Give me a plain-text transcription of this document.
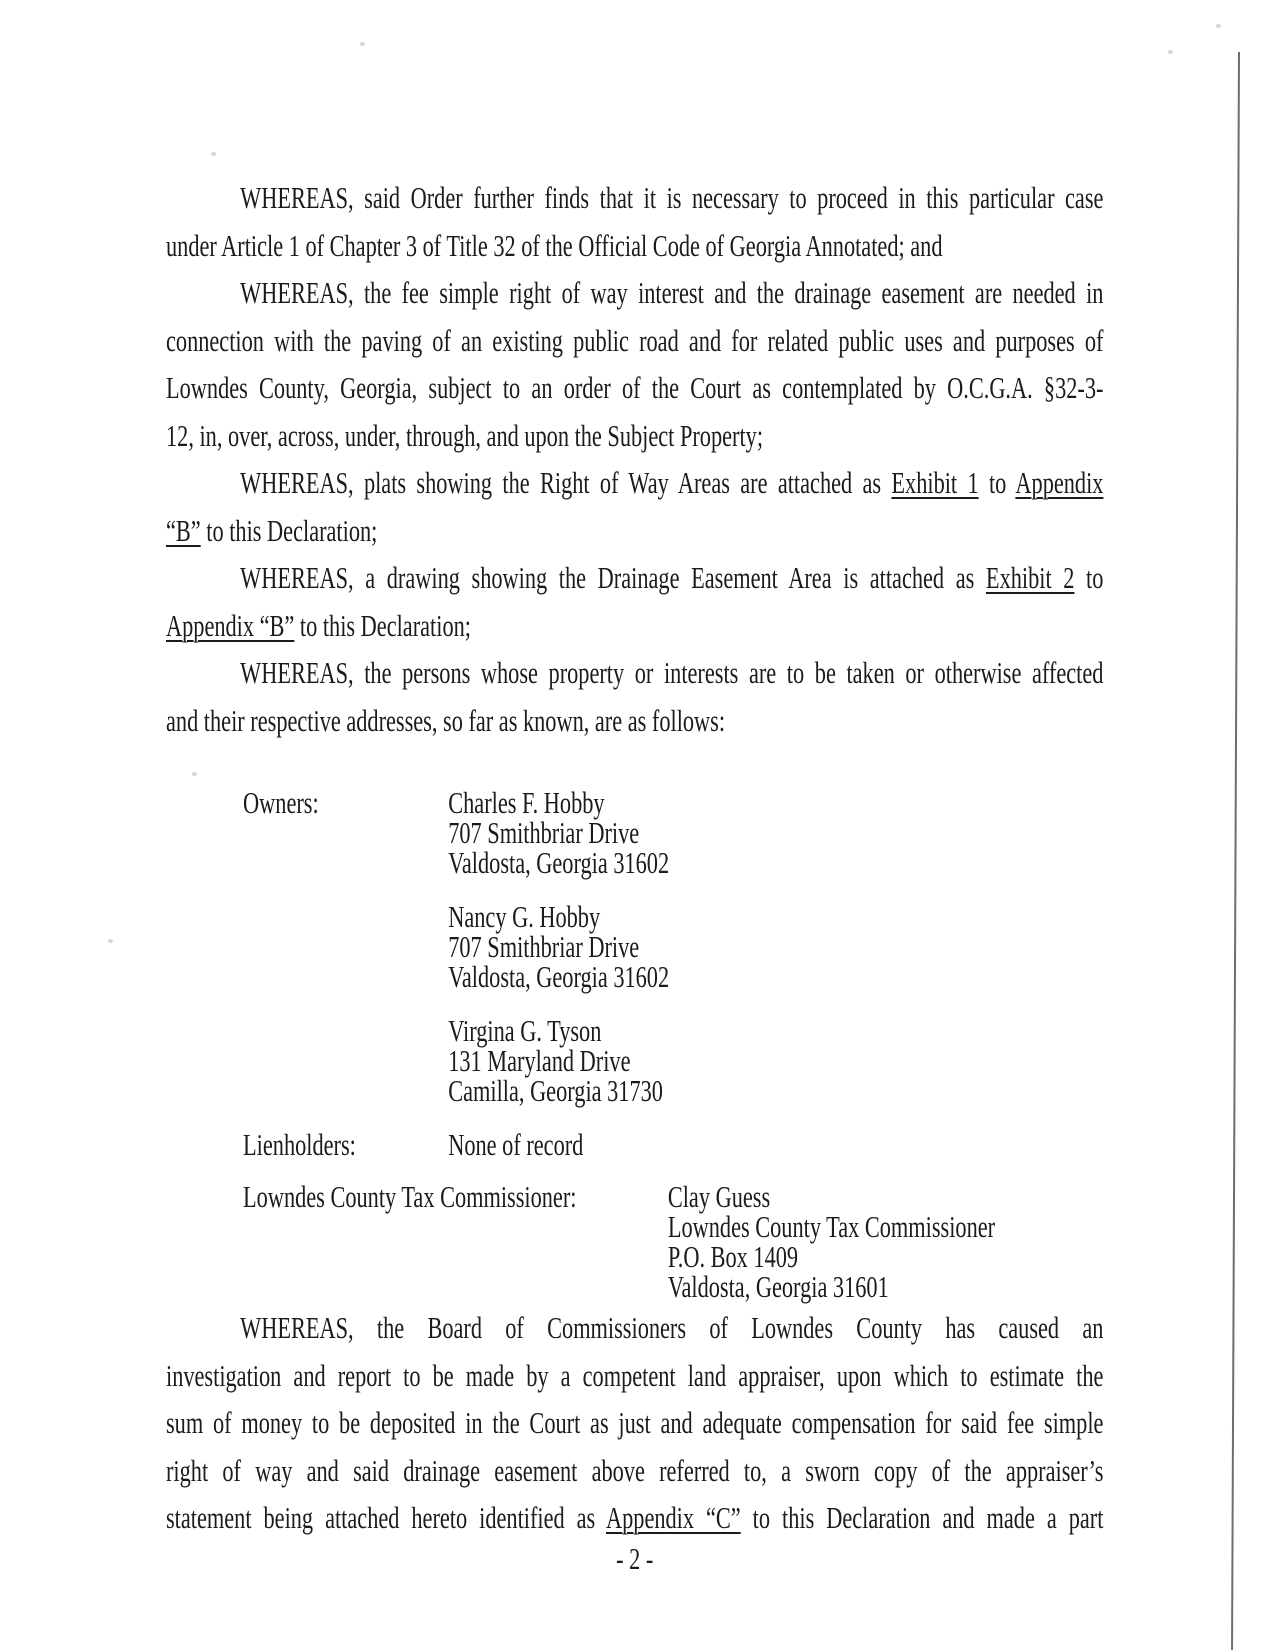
WHEREAS, said Order further finds that it is necessary to proceed in this particular case
under Article 1 of Chapter 3 of Title 32 of the Official Code of Georgia Annotated; and
WHEREAS, the fee simple right of way interest and the drainage easement are needed in
connection with the paving of an existing public road and for related public uses and purposes of
Lowndes County, Georgia, subject to an order of the Court as contemplated by O.C.G.A. §32-3-
12, in, over, across, under, through, and upon the Subject Property;
WHEREAS, plats showing the Right of Way Areas are attached as Exhibit 1 to Appendix
“B” to this Declaration;
WHEREAS, a drawing showing the Drainage Easement Area is attached as Exhibit 2 to
Appendix “B” to this Declaration;
WHEREAS, the persons whose property or interests are to be taken or otherwise affected
and their respective addresses, so far as known, are as follows:
Owners:	Charles F. Hobby
707 Smithbriar Drive
Valdosta, Georgia 31602
Nancy G. Hobby
707 Smithbriar Drive
Valdosta, Georgia 31602
Virgina G. Tyson
131 Maryland Drive
Camilla, Georgia 31730
Lienholders:	None of record
Lowndes County Tax Commissioner:	Clay Guess
Lowndes County Tax Commissioner
P.O. Box 1409
Valdosta, Georgia 31601
WHEREAS, the Board of Commissioners of Lowndes County has caused an
investigation and report to be made by a competent land appraiser, upon which to estimate the
sum of money to be deposited in the Court as just and adequate compensation for said fee simple
right of way and said drainage easement above referred to, a sworn copy of the appraiser’s
statement being attached hereto identified as Appendix “C” to this Declaration and made a part
- 2 -
